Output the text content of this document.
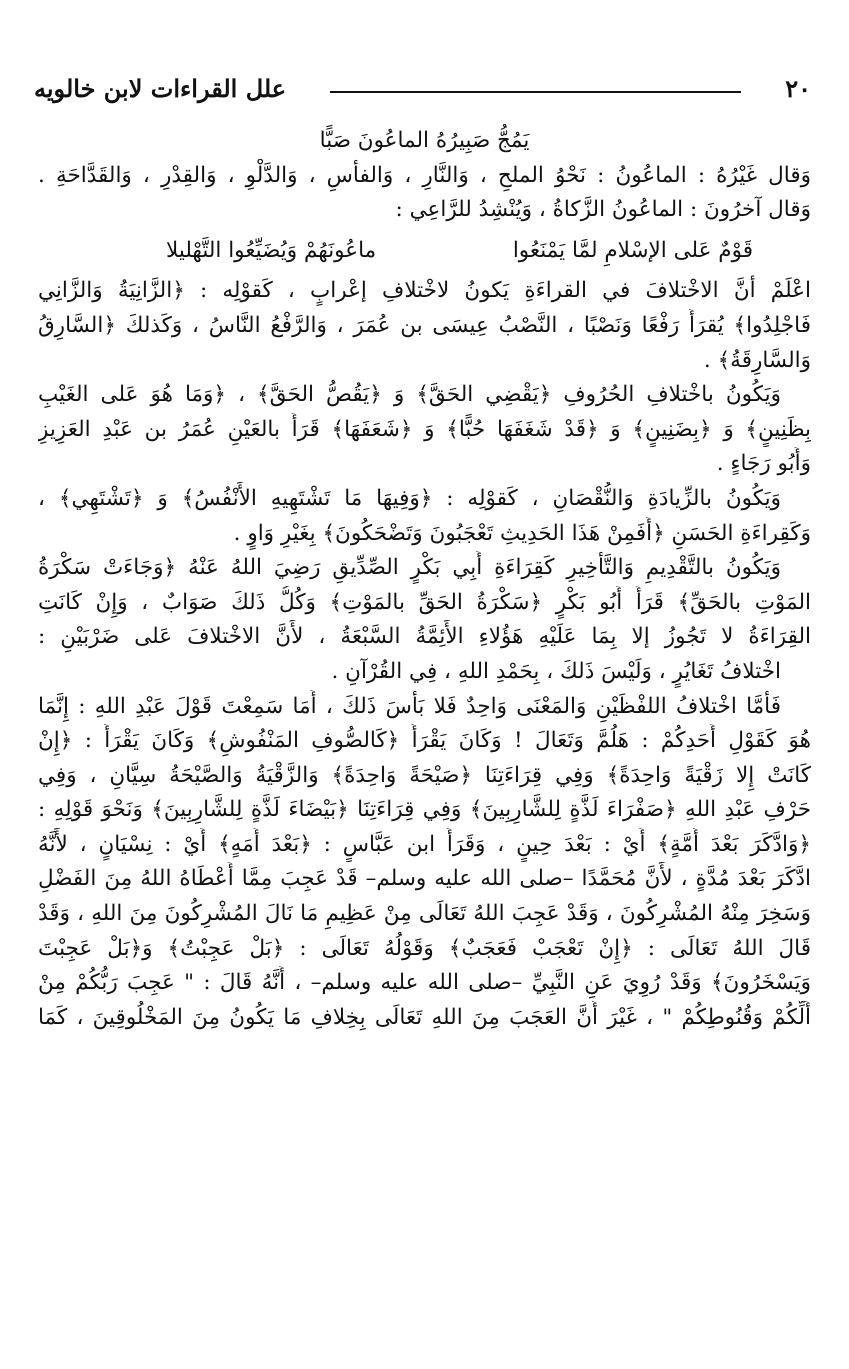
٢٠
علل القراءات لابن خالويه
يَمُجُّ صَبِيرُهُ الماعُونَ صَبًّا
وَقال غَيْرُهُ : الماعُونُ : نَحْوُ الملحِ ، وَالنَّارِ ، وَالفأسِ ، وَالدَّلْوِ ، وَالقِدْرِ ، وَالقَدَّاحَةِ .
وَقال آخرُونَ : الماعُونُ الزَّكاةُ ، وَيُنْشِدُ للرَّاعِي :
قَوْمٌ عَلى الإسْلامِ لمَّا يَمْنَعُوا
ماعُونَهُمْ وَيُضَيِّعُوا التَّهْليلا
اعْلَمْ أنَّ الاخْتلافَ في القراءَةِ يَكونُ لاخْتلافِ إعْرابٍ ، كَقوْلِه : ﴿الزَّانِيَةُ وَالزَّانِي
فَاجْلِدُوا﴾ يُقرَأُ رَفْعًا وَنَصْبًا ، النَّصْبُ عِيسَى بن عُمَرَ ، وَالرَّفْعُ النَّاسُ ، وَكَذلكَ ﴿السَّارِقُ
وَالسَّارِقَةُ﴾ .
وَيَكُونُ باخْتلافِ الحُرُوفِ ﴿يَقْضِي الحَقَّ﴾ وَ ﴿يَقُصُّ الحَقَّ﴾ ، ﴿وَمَا هُوَ عَلى الغَيْبِ
بِظَنِينٍ﴾ وَ ﴿بِضَنِينٍ﴾ وَ ﴿قَدْ شَغَفَهَا حُبًّا﴾ وَ ﴿شَعَفَهَا﴾ قَرَأَ بالعَيْنِ عُمَرُ بن عَبْدِ العَزِيزِ
وَأَبُو رَجَاءٍ .
وَيَكُونُ بالزِّيادَةِ وَالنُّقْصَانِ ، كَقوْلِه : ﴿وَفِيهَا مَا تَشْتَهِيهِ الأَنْفُسُ﴾ وَ ﴿تَشْتَهِي﴾ ،
وَكَقِراءَةِ الحَسَنِ ﴿أَفَمِنْ هَذَا الحَدِيثِ تَعْجَبُونَ وَتَضْحَكُونَ﴾ بِغَيْرِ وَاوٍ .
وَيَكُونُ بالتَّقْدِيمِ وَالتَّأْخِيرِ كَقِرَاءَةِ أَبِي بَكْرٍ الصِّدِّيقِ رَضِيَ اللهُ عَنْهُ ﴿وَجَاءَتْ سَكْرَةُ
المَوْتِ بالحَقِّ﴾ قَرَأَ أَبُو بَكْرٍ ﴿سَكْرَةُ الحَقِّ بالمَوْتِ﴾ وَكُلُّ ذَلكَ صَوَابٌ ، وَإِنْ كَانَتِ
القِرَاءَةُ لا تَجُوزُ إلا بِمَا عَلَيْهِ هَؤُلاءِ الأَئِمَّةُ السَّبْعَةُ ، لأَنَّ الاخْتلافَ عَلى ضَرْبَيْنِ :
اخْتلافُ تَغَايُرٍ ، وَلَيْسَ ذَلكَ ، بِحَمْدِ اللهِ ، فِي القُرْآنِ .
فَأَمَّا اخْتلافُ اللفْظَيْنِ وَالمَعْنَى وَاحِدٌ فَلا بَأْسَ ذَلكَ ، أَمَا سَمِعْتَ قَوْلَ عَبْدِ اللهِ : إِنَّمَا
هُوَ كَقَوْلِ أَحَدِكُمْ : هَلُمَّ وَتَعَالَ ! وَكَانَ يَقْرَأُ ﴿كَالصُّوفِ المَنْفُوشِ﴾ وَكَانَ يَقْرَأُ : ﴿إِنْ
كَانَتْ إِلا زَقْيَةً وَاحِدَةً﴾ وَفِي قِرَاءَتِنَا ﴿صَيْحَةً وَاحِدَةً﴾ وَالزَّقْيَةُ وَالصَّيْحَةُ سِيَّانِ ، وَفِي
حَرْفِ عَبْدِ اللهِ ﴿صَفْرَاءَ لَذَّةٍ لِلشَّارِبِينَ﴾ وَفِي قِرَاءَتِنَا ﴿بَيْضَاءَ لَذَّةٍ لِلشَّارِبِينَ﴾ وَنَحْوَ قَوْلِهِ :
﴿وَادَّكَرَ بَعْدَ أُمَّةٍ﴾ أَيْ : بَعْدَ حِينٍ ، وَقَرَأَ ابن عَبَّاسٍ : ﴿بَعْدَ أَمَهٍ﴾ أَيْ : نِسْيَانٍ ، لأَنَّهُ
ادَّكَرَ بَعْدَ مُدَّةٍ ، لأَنَّ مُحَمَّدًا –صلى الله عليه وسلم– قَدْ عَجِبَ مِمَّا أَعْطَاهُ اللهُ مِنَ الفَضْلِ
وَسَخِرَ مِنْهُ المُشْرِكُونَ ، وَقَدْ عَجِبَ اللهُ تَعَالَى مِنْ عَظِيمِ مَا نَالَ المُشْرِكُونَ مِنَ اللهِ ، وَقَدْ
قَالَ اللهُ تَعَالَى : ﴿إِنْ تَعْجَبْ فَعَجَبٌ﴾ وَقَوْلُهُ تَعَالَى : ﴿بَلْ عَجِبْتُ﴾ وَ﴿بَلْ عَجِبْتَ
وَيَسْخَرُونَ﴾ وَقَدْ رُوِيَ عَنِ النَّبِيِّ –صلى الله عليه وسلم– ، أَنَّهُ قَالَ : " عَجِبَ رَبُّكُمْ مِنْ
أَلِّكُمْ وَقُنُوطِكُمْ " ، غَيْرَ أَنَّ العَجَبَ مِنَ اللهِ تَعَالَى بِخِلافِ مَا يَكُونُ مِنَ المَخْلُوقِينَ ، كَمَا
